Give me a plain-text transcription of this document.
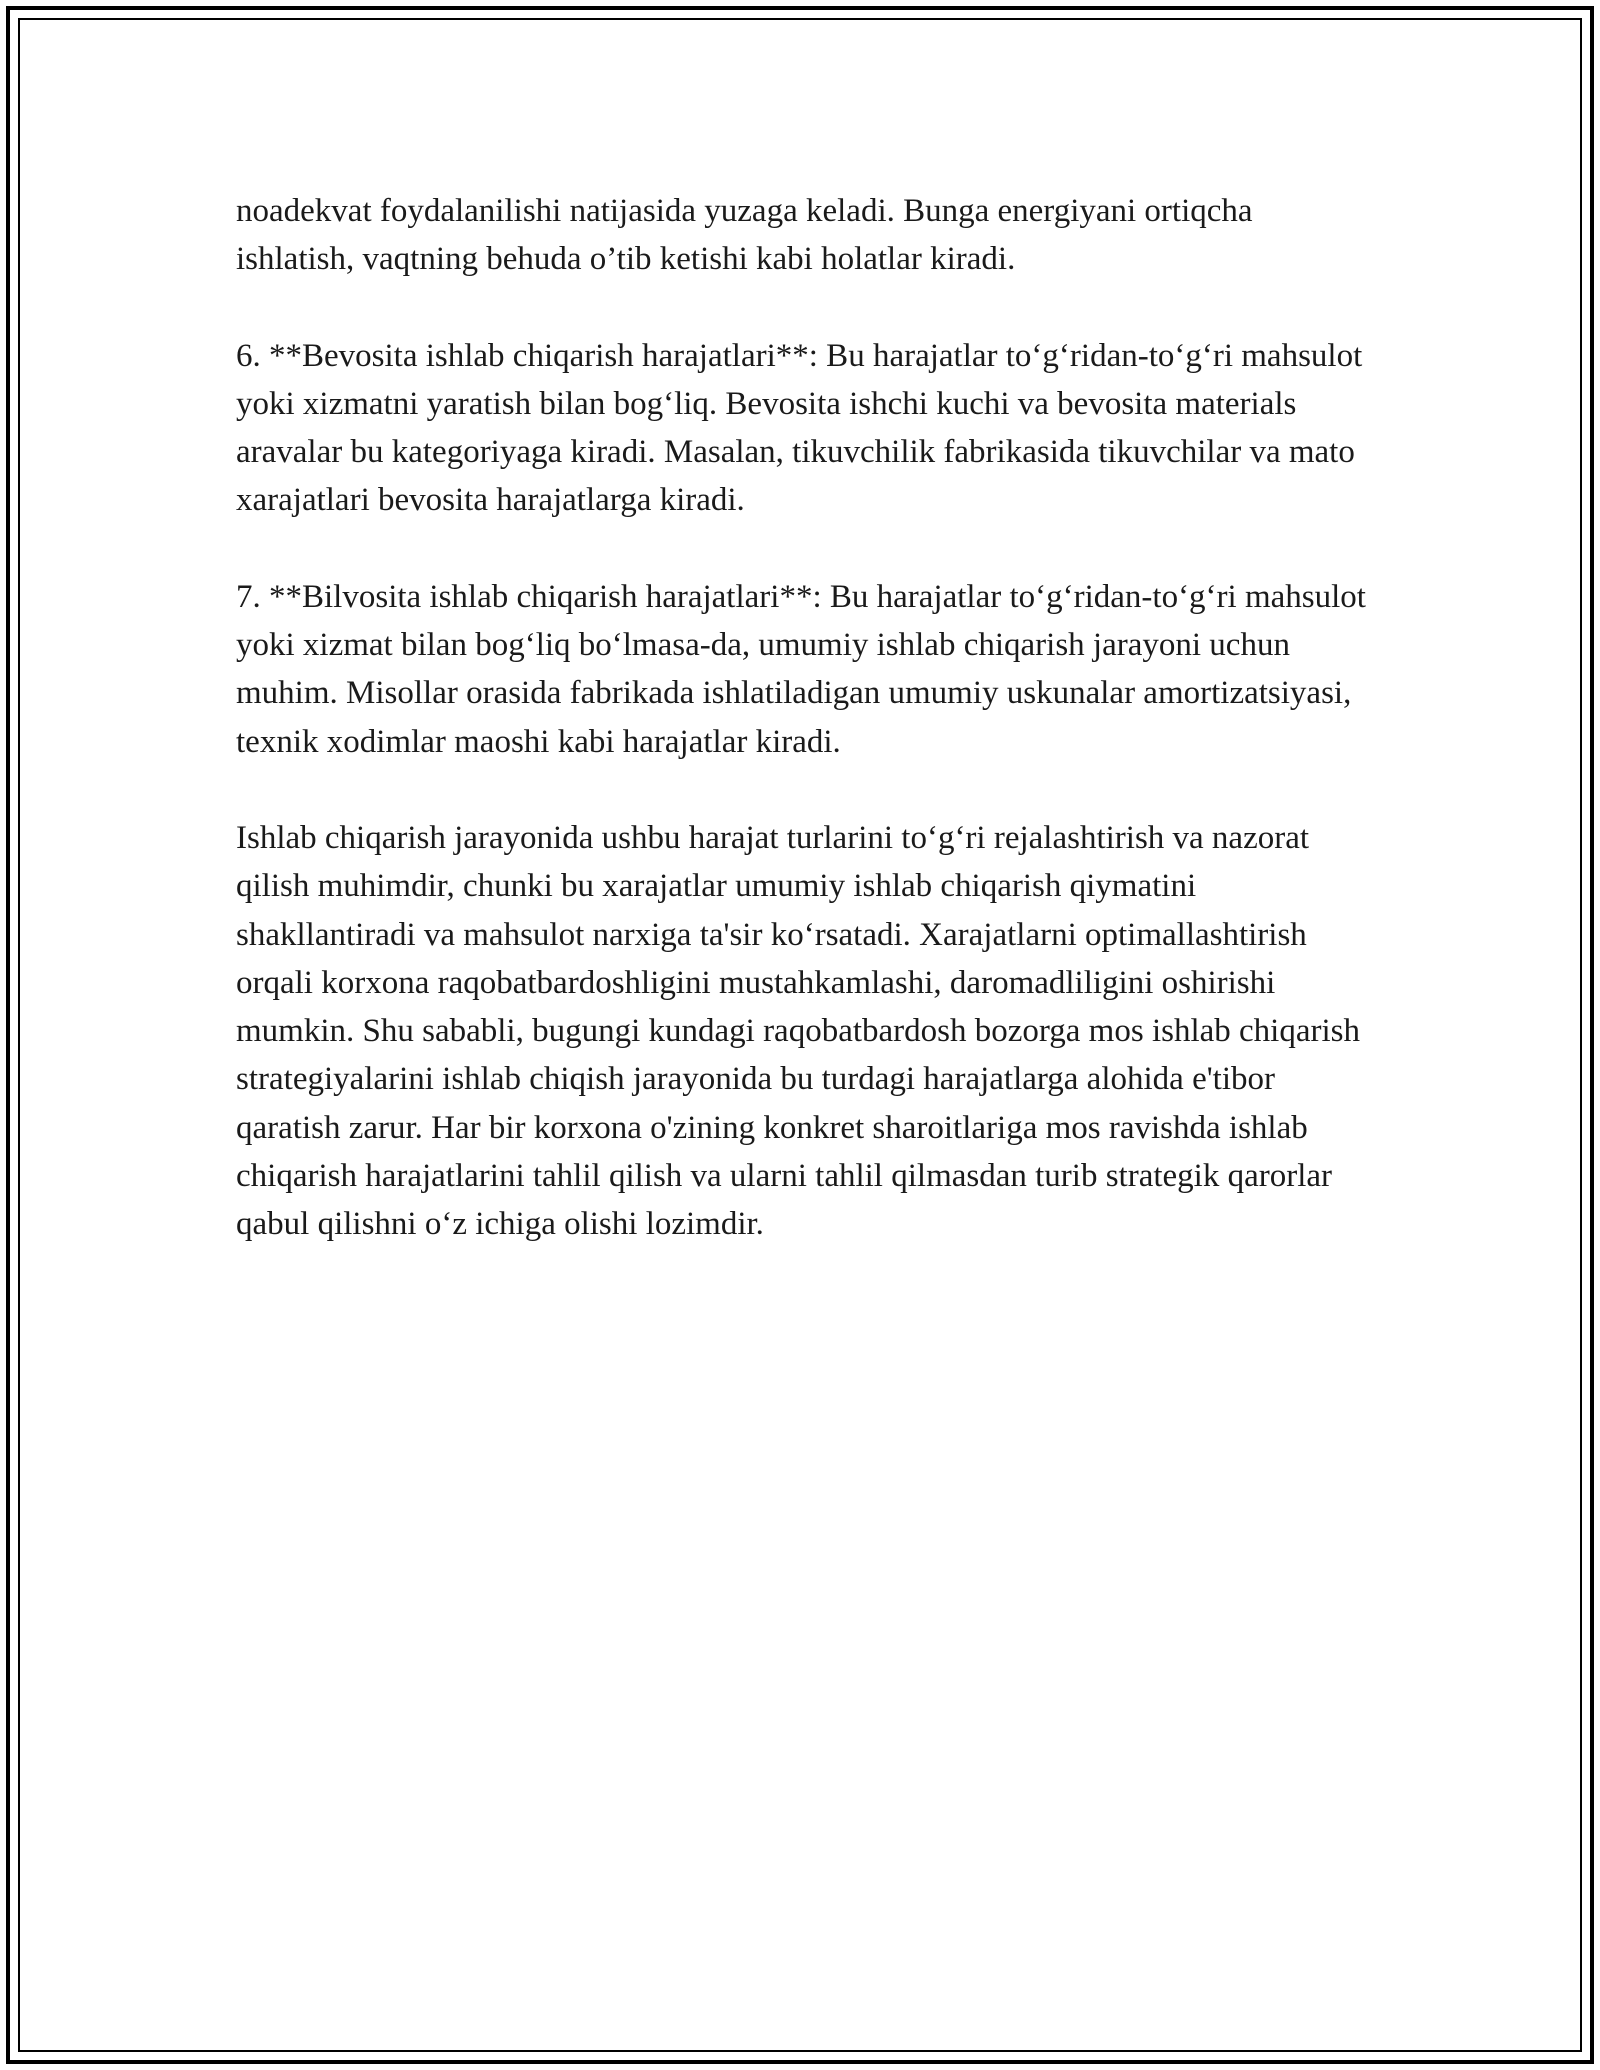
noadekvat foydalanilishi natijasida yuzaga keladi. Bunga energiyani ortiqcha ishlatish, vaqtning behuda o’tib ketishi kabi holatlar kiradi.

6. **Bevosita ishlab chiqarish harajatlari**: Bu harajatlar to‘g‘ridan-to‘g‘ri mahsulot yoki xizmatni yaratish bilan bog‘liq. Bevosita ishchi kuchi va bevosita materials aravalar bu kategoriyaga kiradi. Masalan, tikuvchilik fabrikasida tikuvchilar va mato xarajatlari bevosita harajatlarga kiradi.

7. **Bilvosita ishlab chiqarish harajatlari**: Bu harajatlar to‘g‘ridan-to‘g‘ri mahsulot yoki xizmat bilan bog‘liq bo‘lmasa-da, umumiy ishlab chiqarish jarayoni uchun muhim. Misollar orasida fabrikada ishlatiladigan umumiy uskunalar amortizatsiyasi, texnik xodimlar maoshi kabi harajatlar kiradi.

Ishlab chiqarish jarayonida ushbu harajat turlarini to‘g‘ri rejalashtirish va nazorat qilish muhimdir, chunki bu xarajatlar umumiy ishlab chiqarish qiymatini shakllantiradi va mahsulot narxiga ta'sir ko‘rsatadi. Xarajatlarni optimallashtirish orqali korxona raqobatbardoshligini mustahkamlashi, daromadliligini oshirishi mumkin. Shu sababli, bugungi kundagi raqobatbardosh bozorga mos ishlab chiqarish strategiyalarini ishlab chiqish jarayonida bu turdagi harajatlarga alohida e'tibor qaratish zarur. Har bir korxona o'zining konkret sharoitlariga mos ravishda ishlab chiqarish harajatlarini tahlil qilish va ularni tahlil qilmasdan turib strategik qarorlar qabul qilishni o‘z ichiga olishi lozimdir.
